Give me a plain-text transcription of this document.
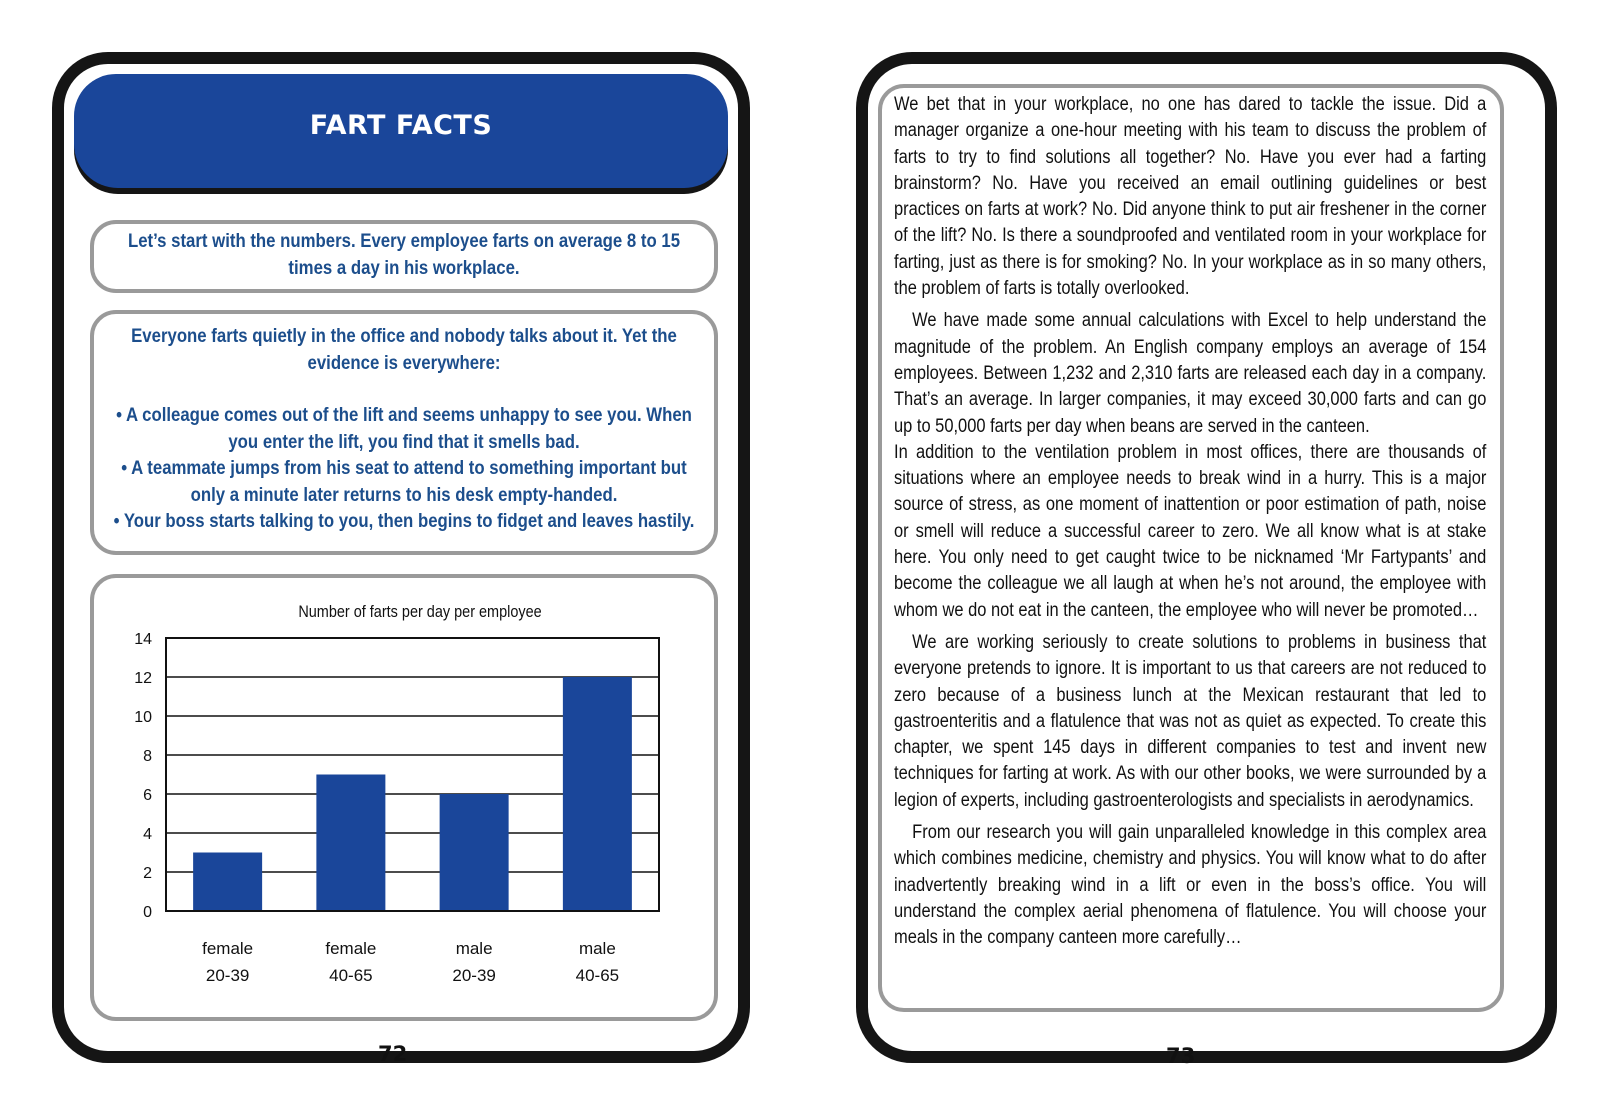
FART FACTS
Let’s start with the numbers. Every employee farts on average 8 to 15 times a day in his workplace.
Everyone farts quietly in the office and nobody talks about it. Yet the evidence is everywhere:
• A colleague comes out of the lift and seems unhappy to see you. When you enter the lift, you find that it smells bad.
• A teammate jumps from his seat to attend to something important but only a minute later returns to his desk empty-handed.
• Your boss starts talking to you, then begins to fidget and leaves hastily.
Number of farts per day per employee
0
2
4
6
8
10
12
14
female
20-39
female
40-65
male
20-39
male
40-65
72

We bet that in your workplace, no one has dared to tackle the issue. Did a manager organize a one-hour meeting with his team to discuss the problem of farts to try to find solutions all together? No. Have you ever had a farting brainstorm? No. Have you received an email outlining guidelines or best practices on farts at work? No. Did anyone think to put air freshener in the corner of the lift? No. Is there a soundproofed and ventilated room in your workplace for farting, just as there is for smoking? No. In your workplace as in so many others, the problem of farts is totally overlooked.

We have made some annual calculations with Excel to help understand the magnitude of the problem. An English company employs an average of 154 employees. Between 1,232 and 2,310 farts are released each day in a company. That’s an average. In larger companies, it may exceed 30,000 farts and can go up to 50,000 farts per day when beans are served in the canteen.

In addition to the ventilation problem in most offices, there are thousands of situations where an employee needs to break wind in a hurry. This is a major source of stress, as one moment of inattention or poor estimation of path, noise or smell will reduce a successful career to zero. We all know what is at stake here. You only need to get caught twice to be nicknamed ‘Mr Fartypants’ and become the colleague we all laugh at when he’s not around, the employee with whom we do not eat in the canteen, the employee who will never be promoted…

We are working seriously to create solutions to problems in business that everyone pretends to ignore. It is important to us that careers are not reduced to zero because of a business lunch at the Mexican restaurant that led to gastroenteritis and a flatulence that was not as quiet as expected. To create this chapter, we spent 145 days in different companies to test and invent new techniques for farting at work. As with our other books, we were surrounded by a legion of experts, including gastroenterologists and specialists in aerodynamics.

From our research you will gain unparalleled knowledge in this complex area which combines medicine, chemistry and physics. You will know what to do after inadvertently breaking wind in a lift or even in the boss’s office. You will understand the complex aerial phenomena of flatulence. You will choose your meals in the company canteen more carefully…

73
